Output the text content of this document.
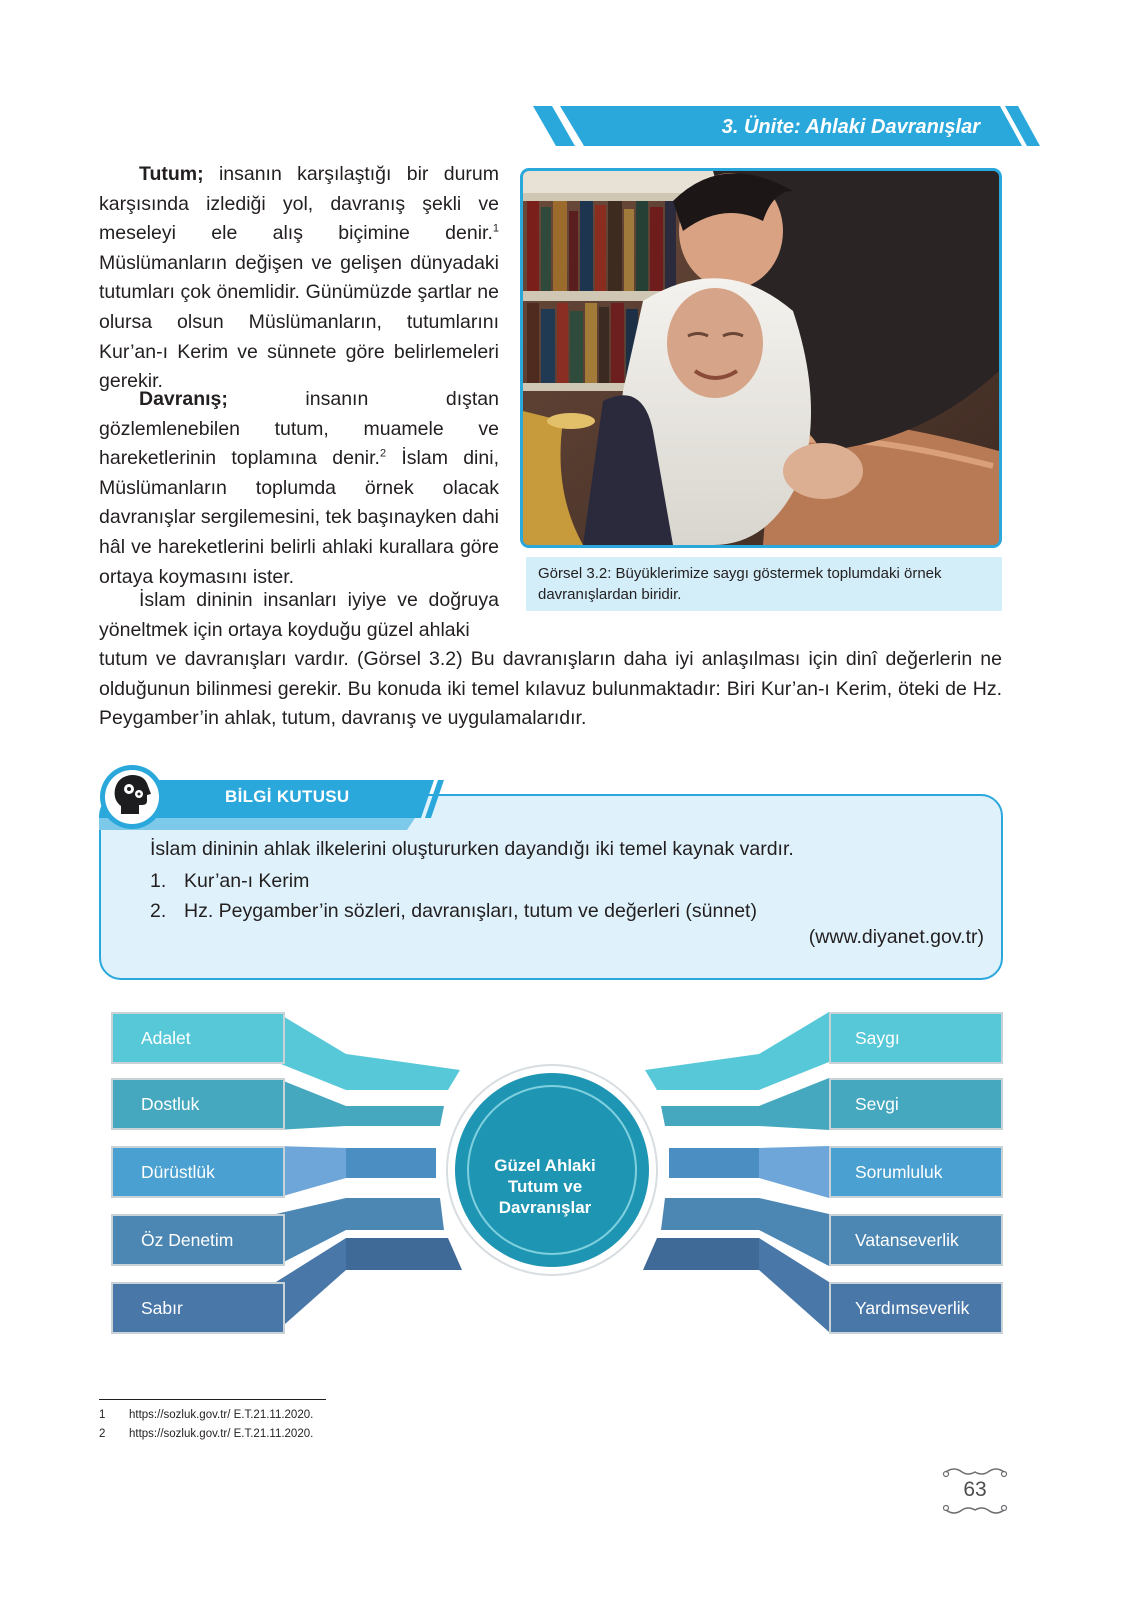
3. Ünite: Ahlaki Davranışlar

Tutum; insanın karşılaştığı bir durum karşısında izlediği yol, davranış şekli ve meseleyi ele alış biçimine denir.$^1$ Müslümanların değişen ve gelişen dünyadaki tutumları çok önemlidir. Günümüzde şartlar ne olursa olsun Müslümanların, tutumlarını Kur’an-ı Kerim ve sünnete göre belirlemeleri gerekir.

Davranış; insanın dıştan gözlemlenebilen tutum, muamele ve hareketlerinin toplamına denir.$^2$ İslam dini, Müslümanların toplumda örnek olacak davranışlar sergilemesini, tek başınayken dahi hâl ve hareketlerini belirli ahlaki kurallara göre ortaya koymasını ister.

İslam dininin insanları iyiye ve doğruya yöneltmek için ortaya koyduğu güzel ahlaki

tutum ve davranışları vardır. (Görsel 3.2) Bu davranışların daha iyi anlaşılması için dinî değerlerin ne olduğunun bilinmesi gerekir. Bu konuda iki temel kılavuz bulunmaktadır: Biri Kur’an-ı Kerim, öteki de Hz. Peygamber’in ahlak, tutum, davranış ve uygulamalarıdır.

Görsel 3.2: Büyüklerimize saygı göstermek toplumdaki örnek davranışlardan biridir.
BİLGİ KUTUSU
İslam dininin ahlak ilkelerini oluştururken dayandığı iki temel kaynak vardır.
1. Kur’an-ı Kerim
2. Hz. Peygamber’in sözleri, davranışları, tutum ve değerleri (sünnet)
(www.diyanet.gov.tr)
Güzel Ahlaki
Tutum ve
Davranışlar
Adalet
Dostluk
Dürüstlük
Öz Denetim
Sabır
Saygı
Sevgi
Sorumluluk
Vatanseverlik
Yardımseverlik
1 https://sozluk.gov.tr/ E.T.21.11.2020.
2 https://sozluk.gov.tr/ E.T.21.11.2020.
63
